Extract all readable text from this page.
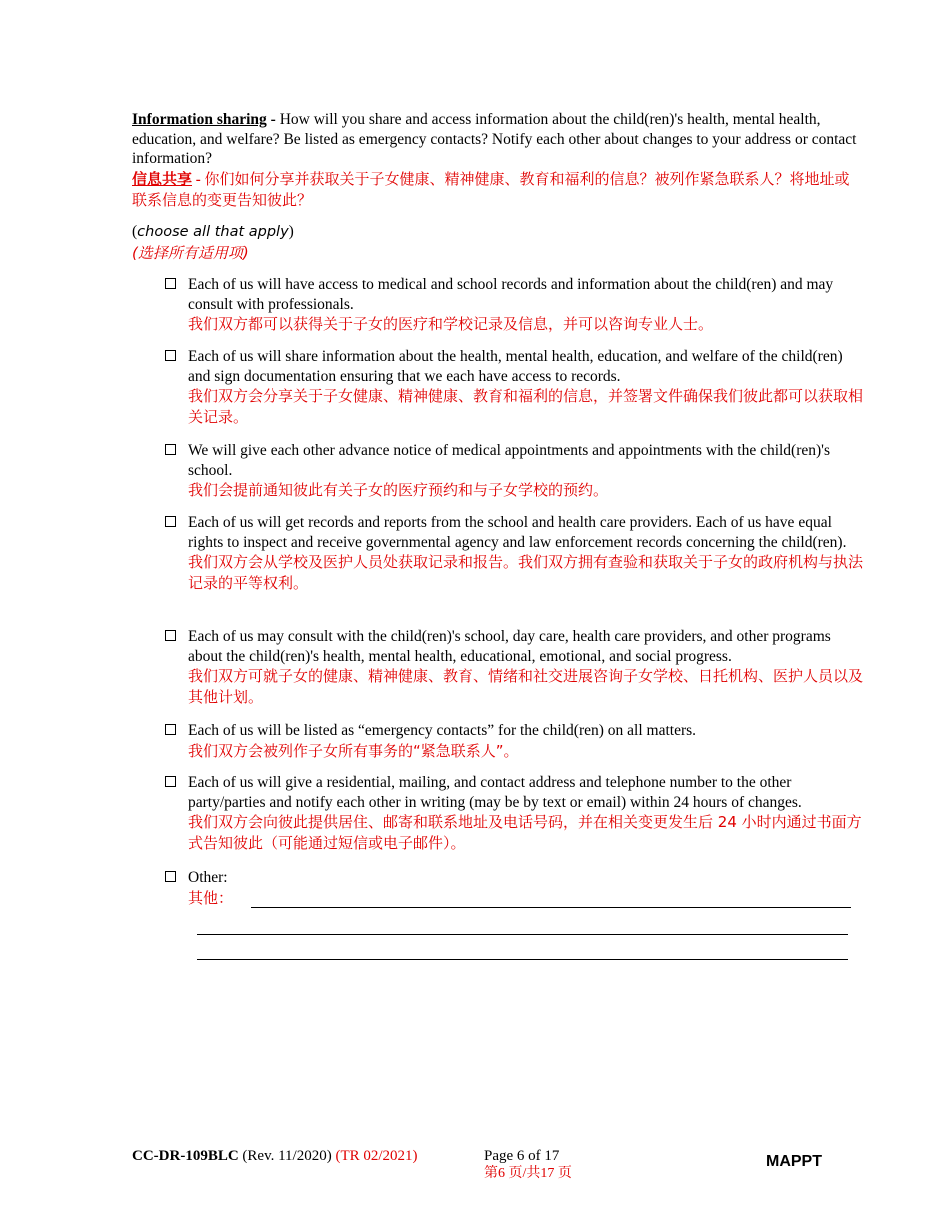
Information sharing - How will you share and access information about the child(ren)'s health, mental health, education, and welfare? Be listed as emergency contacts? Notify each other about changes to your address or contact information?
信息共享 - 你们如何分享并获取关于子女健康、精神健康、教育和福利的信息？被列作紧急联系人？将地址或联系信息的变更告知彼此？
(choose all that apply)
(选择所有适用项)
Each of us will have access to medical and school records and information about the child(ren) and may consult with professionals.
我们双方都可以获得关于子女的医疗和学校记录及信息，并可以咨询专业人士。
Each of us will share information about the health, mental health, education, and welfare of the child(ren) and sign documentation ensuring that we each have access to records.
我们双方会分享关于子女健康、精神健康、教育和福利的信息，并签署文件确保我们彼此都可以获取相关记录。
We will give each other advance notice of medical appointments and appointments with the child(ren)'s school.
我们会提前通知彼此有关子女的医疗预约和与子女学校的预约。
Each of us will get records and reports from the school and health care providers. Each of us have equal rights to inspect and receive governmental agency and law enforcement records concerning the child(ren).
我们双方会从学校及医护人员处获取记录和报告。我们双方拥有查验和获取关于子女的政府机构与执法记录的平等权利。
Each of us may consult with the child(ren)'s school, day care, health care providers, and other programs about the child(ren)'s health, mental health, educational, emotional, and social progress.
我们双方可就子女的健康、精神健康、教育、情绪和社交进展咨询子女学校、日托机构、医护人员以及其他计划。
Each of us will be listed as “emergency contacts” for the child(ren) on all matters.
我们双方会被列作子女所有事务的“紧急联系人”。
Each of us will give a residential, mailing, and contact address and telephone number to the other party/parties and notify each other in writing (may be by text or email) within 24 hours of changes.
我们双方会向彼此提供居住、邮寄和联系地址及电话号码，并在相关变更发生后 24 小时内通过书面方式告知彼此（可能通过短信或电子邮件）。
Other:
其他：
CC-DR-109BLC (Rev. 11/2020) (TR 02/2021)	Page 6 of 17
第6 页/共17 页
MAPPT
